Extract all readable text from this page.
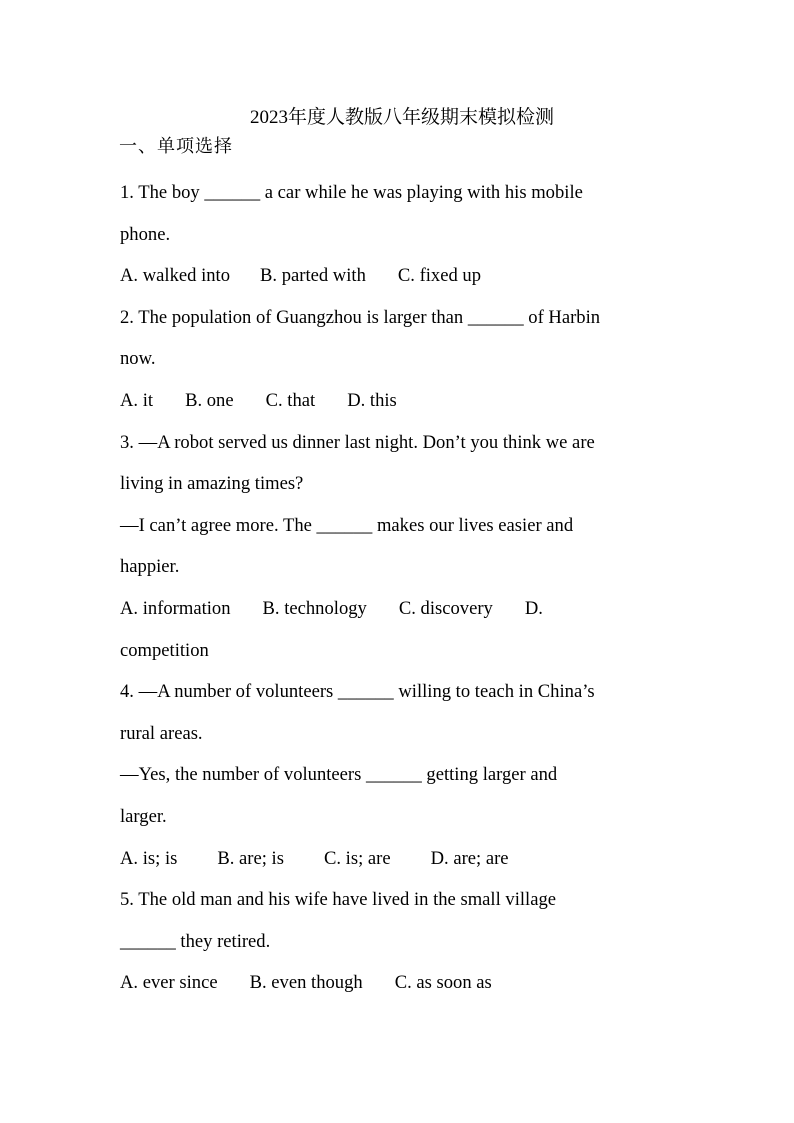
2023年度人教版八年级期末模拟检测
一、单项选择
1. The boy ______ a car while he was playing with his mobile
phone.
A. walked into B. parted with C. fixed up
2. The population of Guangzhou is larger than ______ of Harbin
now.
A. it B. one C. that D. this
3. —A robot served us dinner last night. Don’t you think we are
living in amazing times?
—I can’t agree more. The ______ makes our lives easier and
happier.
A. information B. technology C. discovery D.
competition
4. —A number of volunteers ______ willing to teach in China’s
rural areas.
—Yes, the number of volunteers ______ getting larger and
larger.
A. is; is B. are; is C. is; are D. are; are
5. The old man and his wife have lived in the small village
______ they retired.
A. ever since B. even though C. as soon as
